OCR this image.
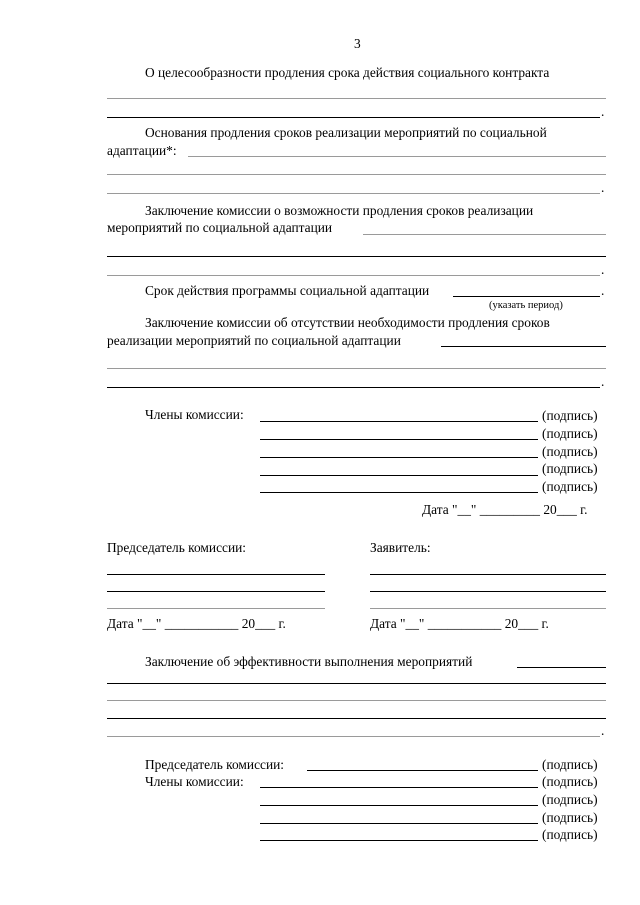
3
О целесообразности продления срока действия социального контракта
.
Основания продления сроков реализации мероприятий по социальной
адаптации*:
.
Заключение комиссии о возможности продления сроков реализации
мероприятий по социальной адаптации
.
Срок действия программы социальной адаптации	.
(указать период)
Заключение комиссии об отсутствии необходимости продления сроков
реализации мероприятий по социальной адаптации
.
Члены комиссии:	(подпись)
(подпись)
(подпись)
(подпись)
(подпись)
Дата "__" _________ 20___ г.
Председатель комиссии:
Дата "__" ___________ 20___ г.
Заявитель:
Дата "__" ___________ 20___ г.
Заключение об эффективности выполнения мероприятий
.
Председатель комиссии:	(подпись)
Члены комиссии:	(подпись)
(подпись)
(подпись)
(подпись)
